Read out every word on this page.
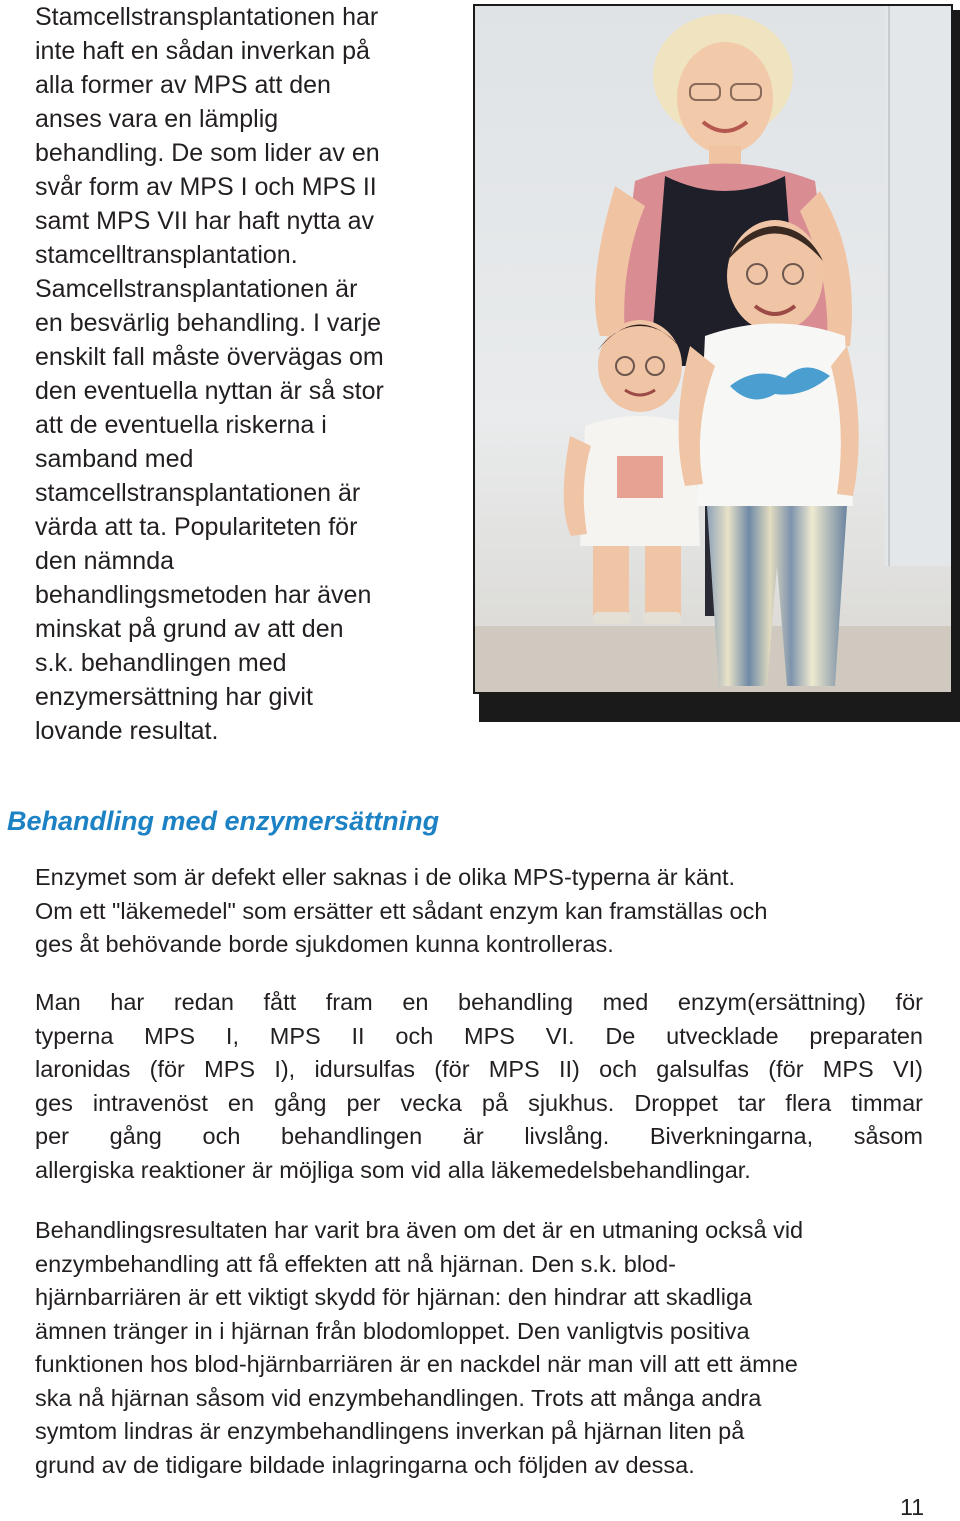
Stamcellstransplantationen har
inte haft en sådan inverkan på
alla former av MPS att den
anses vara en lämplig
behandling. De som lider av en
svår form av MPS I och MPS II
samt MPS VII har haft nytta av
stamcelltransplantation.
Samcellstransplantationen är
en besvärlig behandling. I varje
enskilt fall måste övervägas om
den eventuella nyttan är så stor
att de eventuella riskerna i
samband med
stamcellstransplantationen är
värda att ta. Populariteten för
den nämnda
behandlingsmetoden har även
minskat på grund av att den
s.k. behandlingen med
enzymersättning har givit
lovande resultat.
Behandling med enzymersättning
Enzymet som är defekt eller saknas i de olika MPS-typerna är känt.
Om ett "läkemedel" som ersätter ett sådant enzym kan framställas och
ges åt behövande borde sjukdomen kunna kontrolleras.
Man har redan fått fram en behandling med enzym(ersättning) för
typerna MPS I, MPS II och MPS VI. De utvecklade preparaten
laronidas (för MPS I), idursulfas (för MPS II) och galsulfas (för MPS VI)
ges intravenöst en gång per vecka på sjukhus. Droppet tar flera timmar
per gång och behandlingen är livslång. Biverkningarna, såsom
allergiska reaktioner är möjliga som vid alla läkemedelsbehandlingar.
Behandlingsresultaten har varit bra även om det är en utmaning också vid
enzymbehandling att få effekten att nå hjärnan. Den s.k. blod-
hjärnbarriären är ett viktigt skydd för hjärnan: den hindrar att skadliga
ämnen tränger in i hjärnan från blodomloppet. Den vanligtvis positiva
funktionen hos blod-hjärnbarriären är en nackdel när man vill att ett ämne
ska nå hjärnan såsom vid enzymbehandlingen. Trots att många andra
symtom lindras är enzymbehandlingens inverkan på hjärnan liten på
grund av de tidigare bildade inlagringarna och följden av dessa.
11
